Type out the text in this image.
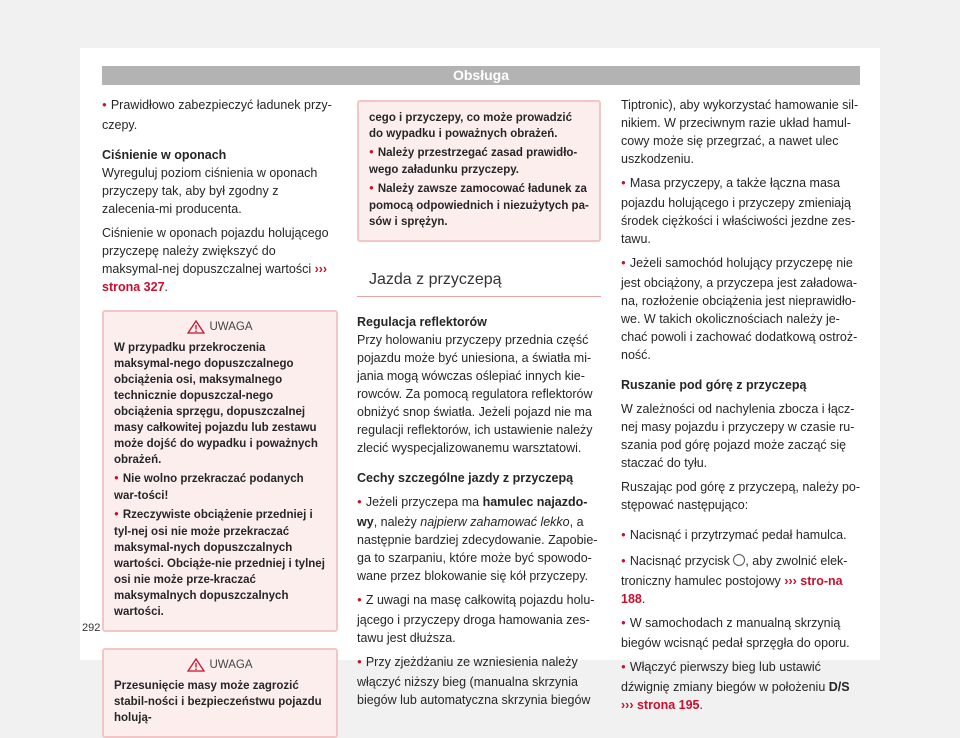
Obsługa

● Prawidłowo zabezpieczyć ładunek przy-czepy.

Ciśnienie w oponach

Wyreguluj poziom ciśnienia w oponach przyczepy tak, aby był zgodny z zalecenia-mi producenta.

Ciśnienie w oponach pojazdu holującego przyczepę należy zwiększyć do maksymal-nej dopuszczalnej wartości ››› strona 327.

UWAGA

W przypadku przekroczenia maksymal-nego dopuszczalnego obciążenia osi, maksymalnego technicznie dopuszczal-nego obciążenia sprzęgu, dopuszczalnej masy całkowitej pojazdu lub zestawu może dojść do wypadku i poważnych obrażeń.

● Nie wolno przekraczać podanych war-tości!

● Rzeczywiste obciążenie przedniej i tyl-nej osi nie może przekraczać maksymal-nych dopuszczalnych wartości. Obciąże-nie przedniej i tylnej osi nie może prze-kraczać maksymalnych dopuszczalnych wartości.

UWAGA

Przesunięcie masy może zagrozić stabil-ności i bezpieczeństwu pojazdu holują-

cego i przyczepy, co może prowadzić do wypadku i poważnych obrażeń.

● Należy przestrzegać zasad prawidło-wego załadunku przyczepy.

● Należy zawsze zamocować ładunek za pomocą odpowiednich i niezużytych pa-sów i sprężyn.

Jazda z przyczepą

Regulacja reflektorów

Przy holowaniu przyczepy przednia część pojazdu może być uniesiona, a światła mi-jania mogą wówczas oślepiać innych kie-rowców. Za pomocą regulatora reflektorów obniżyć snop światła. Jeżeli pojazd nie ma regulacji reflektorów, ich ustawienie należy zlecić wyspecjalizowanemu warsztatowi.

Cechy szczególne jazdy z przyczepą

● Jeżeli przyczepa ma hamulec najazdo-wy, należy najpierw zahamować lekko, a następnie bardziej zdecydowanie. Zapobie-ga to szarpaniu, które może być spowodo-wane przez blokowanie się kół przyczepy.

● Z uwagi na masę całkowitą pojazdu holu-jącego i przyczepy droga hamowania zes-tawu jest dłuższa.

● Przy zjeżdżaniu ze wzniesienia należy włączyć niższy bieg (manualna skrzynia biegów lub automatyczna skrzynia biegów

Tiptronic), aby wykorzystać hamowanie sil-nikiem. W przeciwnym razie układ hamul-cowy może się przegrzać, a nawet ulec uszkodzeniu.

● Masa przyczepy, a także łączna masa pojazdu holującego i przyczepy zmieniają środek ciężkości i właściwości jezdne zes-tawu.

● Jeżeli samochód holujący przyczepę nie jest obciążony, a przyczepa jest załadowa-na, rozłożenie obciążenia jest nieprawidło-we. W takich okolicznościach należy je-chać powoli i zachować dodatkową ostroż-ność.

Ruszanie pod górę z przyczepą

W zależności od nachylenia zbocza i łącz-nej masy pojazdu i przyczepy w czasie ru-szania pod górę pojazd może zacząć się staczać do tyłu.

Ruszając pod górę z przyczepą, należy po-stępować następująco:

● Nacisnąć i przytrzymać pedał hamulca.

● Nacisnąć przycisk , aby zwolnić elek-troniczny hamulec postojowy ››› stro-na 188.

● W samochodach z manualną skrzynią biegów wcisnąć pedał sprzęgła do oporu.

● Włączyć pierwszy bieg lub ustawić dźwignię zmiany biegów w położeniu D/S ››› strona 195.

292
